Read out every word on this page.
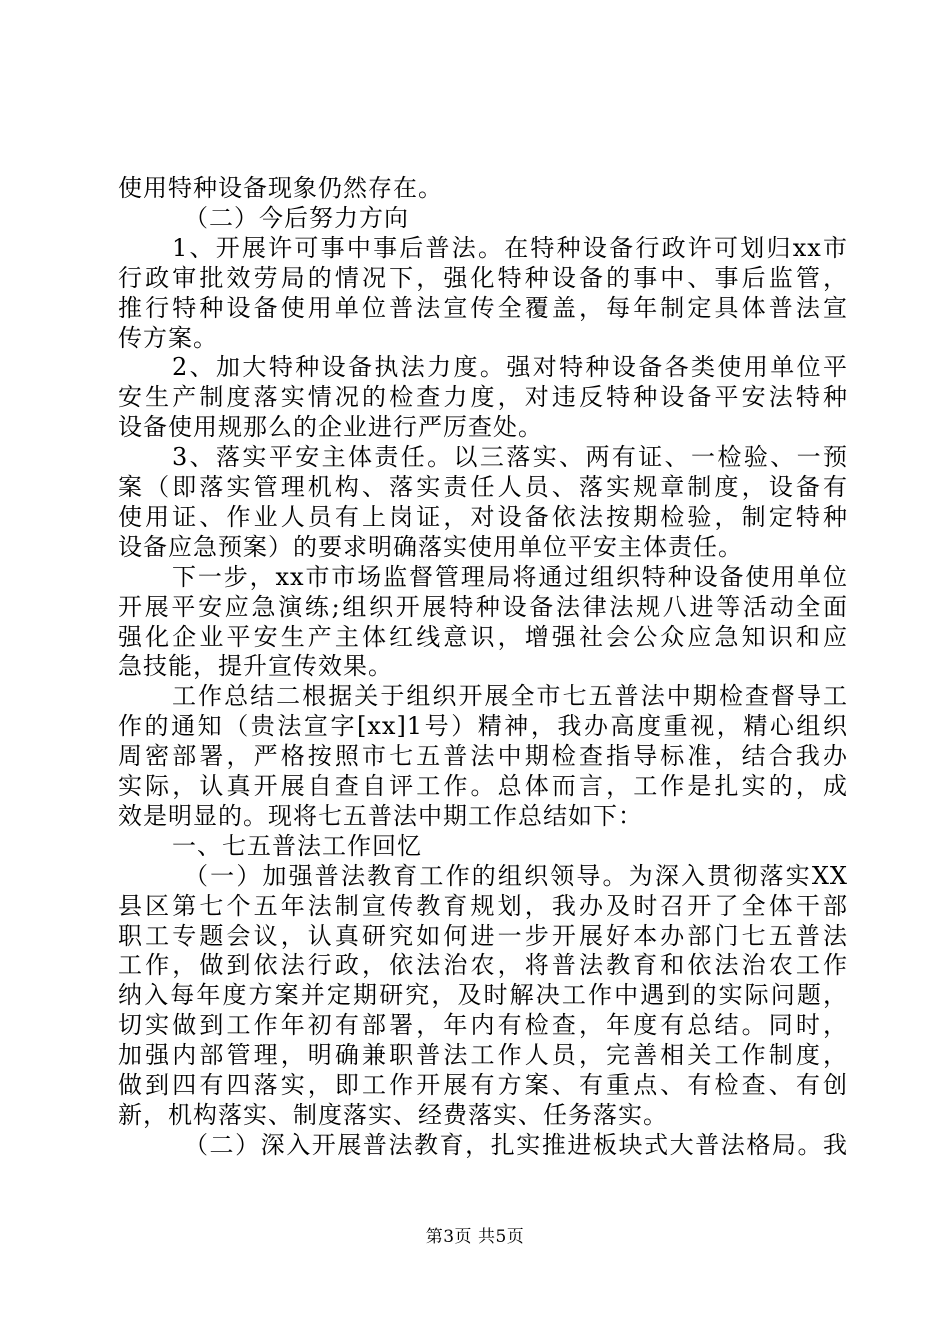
使用特种设备现象仍然存在。
（二）今后努力方向
1、开展许可事中事后普法。在特种设备行政许可划归xx市
行政审批效劳局的情况下，强化特种设备的事中、事后监管，
推行特种设备使用单位普法宣传全覆盖，每年制定具体普法宣
传方案。
2、加大特种设备执法力度。强对特种设备各类使用单位平
安生产制度落实情况的检查力度，对违反特种设备平安法特种
设备使用规那么的企业进行严厉查处。
3、落实平安主体责任。以三落实、两有证、一检验、一预
案（即落实管理机构、落实责任人员、落实规章制度，设备有
使用证、作业人员有上岗证，对设备依法按期检验，制定特种
设备应急预案）的要求明确落实使用单位平安主体责任。
下一步，xx市市场监督管理局将通过组织特种设备使用单位
开展平安应急演练;组织开展特种设备法律法规八进等活动全面
强化企业平安生产主体红线意识，增强社会公众应急知识和应
急技能，提升宣传效果。
工作总结二根据关于组织开展全市七五普法中期检查督导工
作的通知（贵法宣字[xx]1号）精神，我办高度重视，精心组织
周密部署，严格按照市七五普法中期检查指导标准，结合我办
实际，认真开展自查自评工作。总体而言，工作是扎实的，成
效是明显的。现将七五普法中期工作总结如下：
一、七五普法工作回忆
（一）加强普法教育工作的组织领导。为深入贯彻落实XX
县区第七个五年法制宣传教育规划，我办及时召开了全体干部
职工专题会议，认真研究如何进一步开展好本办部门七五普法
工作，做到依法行政，依法治农，将普法教育和依法治农工作
纳入每年度方案并定期研究，及时解决工作中遇到的实际问题，
切实做到工作年初有部署，年内有检查，年度有总结。同时，
加强内部管理，明确兼职普法工作人员，完善相关工作制度，
做到四有四落实，即工作开展有方案、有重点、有检查、有创
新，机构落实、制度落实、经费落实、任务落实。
（二）深入开展普法教育，扎实推进板块式大普法格局。我
第3页 共5页
